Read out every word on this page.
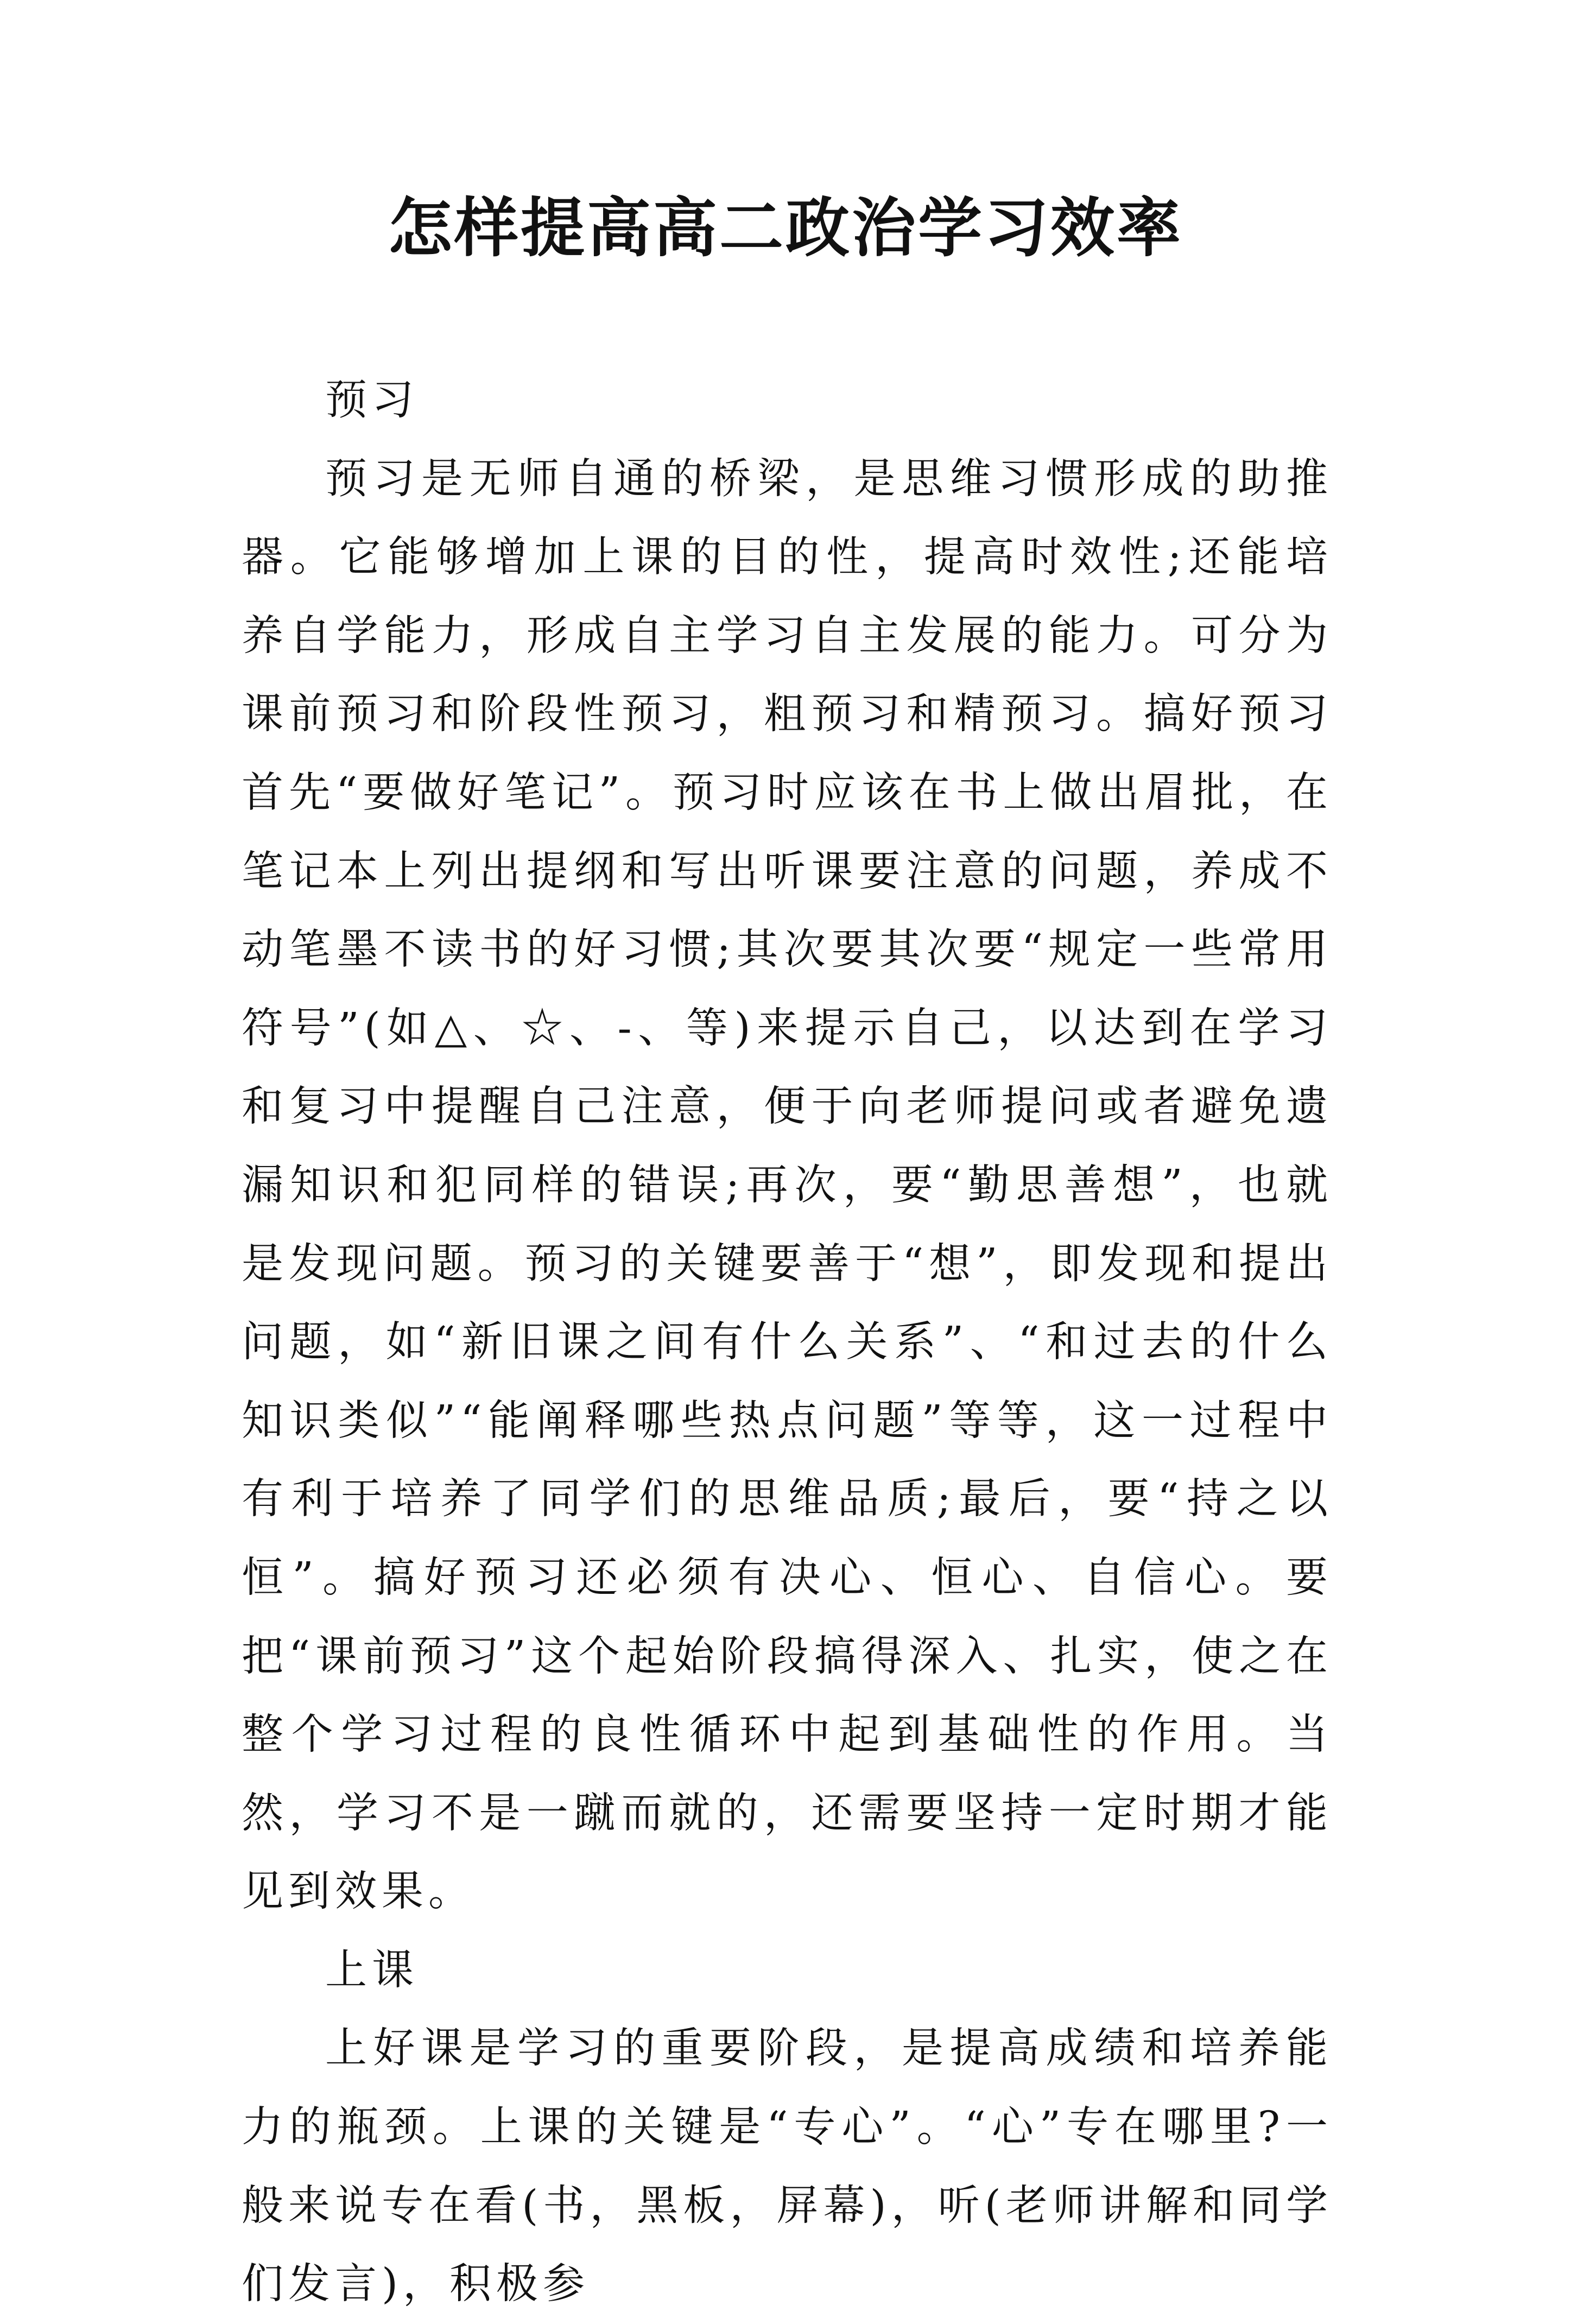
怎样提高高二政治学习效率

预习

预习是无师自通的桥梁，是思维习惯形成的助推器。它能够增加上课的目的性，提高时效性;还能培养自学能力，形成自主学习自主发展的能力。可分为课前预习和阶段性预习，粗预习和精预习。搞好预习首先“要做好笔记”。预习时应该在书上做出眉批，在笔记本上列出提纲和写出听课要注意的问题，养成不动笔墨不读书的好习惯;其次要其次要“规定一些常用符号”(如△、☆、-、等)来提示自己，以达到在学习和复习中提醒自己注意，便于向老师提问或者避免遗漏知识和犯同样的错误;再次，要“勤思善想”，也就是发现问题。预习的关键要善于“想”，即发现和提出问题，如“新旧课之间有什么关系”、“和过去的什么知识类似”“能阐释哪些热点问题”等等，这一过程中有利于培养了同学们的思维品质;最后，要“持之以恒”。搞好预习还必须有决心、恒心、自信心。要把“课前预习”这个起始阶段搞得深入、扎实，使之在整个学习过程的良性循环中起到基础性的作用。当然，学习不是一蹴而就的，还需要坚持一定时期才能见到效果。

上课

上好课是学习的重要阶段，是提高成绩和培养能力的瓶颈。上课的关键是“专心”。“心”专在哪里?一般来说专在看(书，黑板，屏幕)，听(老师讲解和同学们发言)，积极参
